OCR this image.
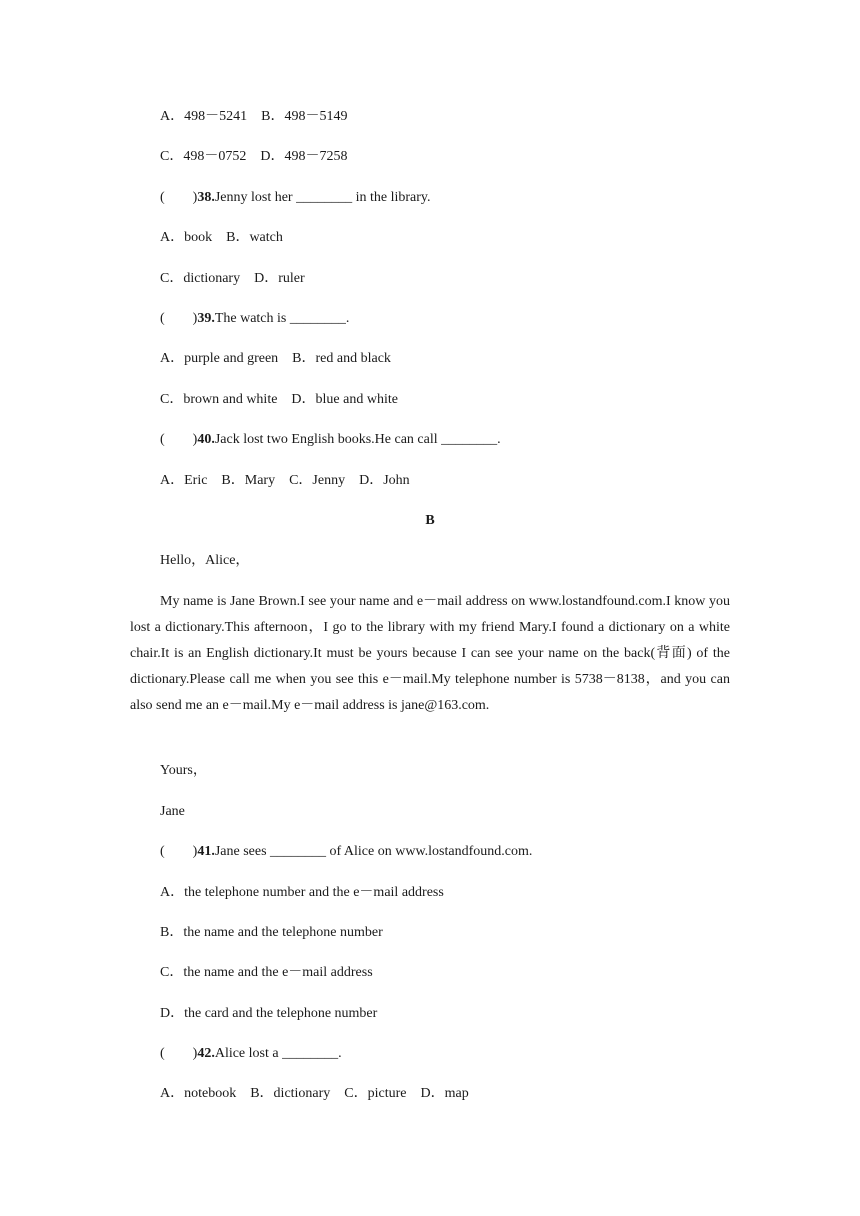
A．498－5241　B．498－5149
C．498－0752　D．498－7258
(　　)38.Jenny lost her ________ in the library.
A．book　B．watch
C．dictionary　D．ruler
(　　)39.The watch is ________.
A．purple and green　B．red and black
C．brown and white　D．blue and white
(　　)40.Jack lost two English books.He can call ________.
A．Eric　B．Mary　C．Jenny　D．John
B
Hello，Alice，
My name is Jane Brown.I see your name and e－mail address on www.lostandfound.com.I know you lost a dictionary.This afternoon，I go to the library with my friend Mary.I found a dictionary on a white chair.It is an English dictionary.It must be yours because I can see your name on the back(背面) of the dictionary.Please call me when you see this e－mail.My telephone number is 5738－8138，and you can also send me an e－mail.My e－mail address is jane@163.com.
Yours，
Jane
(　　)41.Jane sees ________ of Alice on www.lostandfound.com.
A．the telephone number and the e－mail address
B．the name and the telephone number
C．the name and the e－mail address
D．the card and the telephone number
(　　)42.Alice lost a ________.
A．notebook　B．dictionary　C．picture　D．map
